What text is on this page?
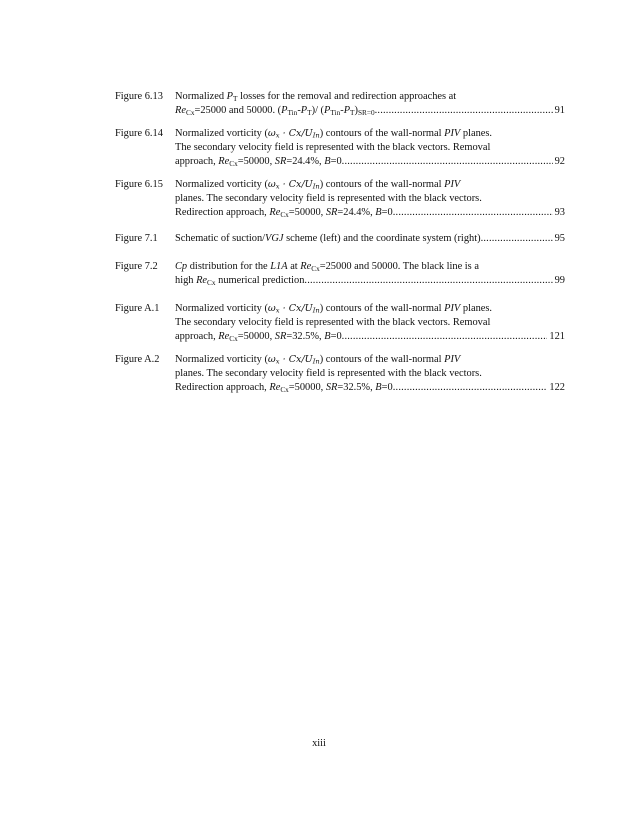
Figure 6.13	Normalized $P_T$ losses for the removal and redirection approaches at
$Re_{Cx}=25000$ and 50000. $(P_{Tin}-P_T)/$ $(P_{Tin}-P_T)_{SR=0}$ .....	91
Figure 6.14	Normalized vorticity $(\omega_x \cdot Cx/U_{In})$ contours of the wall-normal PIV planes.
The secondary velocity field is represented with the black vectors. Removal
approach, $Re_{Cx}=50000$, SR=24.4%, B=0 .....	92
Figure 6.15	Normalized vorticity $(\omega_x \cdot Cx/U_{In})$ contours of the wall-normal PIV
planes. The secondary velocity field is represented with the black vectors.
Redirection approach, $Re_{Cx}=50000$, SR=24.4%, B=0 .....	93
Figure 7.1	Schematic of suction/VGJ scheme (left) and the coordinate system (right) .....	95
Figure 7.2	Cp distribution for the L1A at $Re_{Cx}=25000$ and 50000. The black line is a
high $Re_{Cx}$ numerical prediction .....	99
Figure A.1	Normalized vorticity $(\omega_x \cdot Cx/U_{In})$ contours of the wall-normal PIV planes.
The secondary velocity field is represented with the black vectors. Removal
approach, $Re_{Cx}=50000$, SR=32.5%, B=0 .....	121
Figure A.2	Normalized vorticity $(\omega_x \cdot Cx/U_{In})$ contours of the wall-normal PIV
planes. The secondary velocity field is represented with the black vectors.
Redirection approach, $Re_{Cx}=50000$, SR=32.5%, B=0 .....	122
xiii
